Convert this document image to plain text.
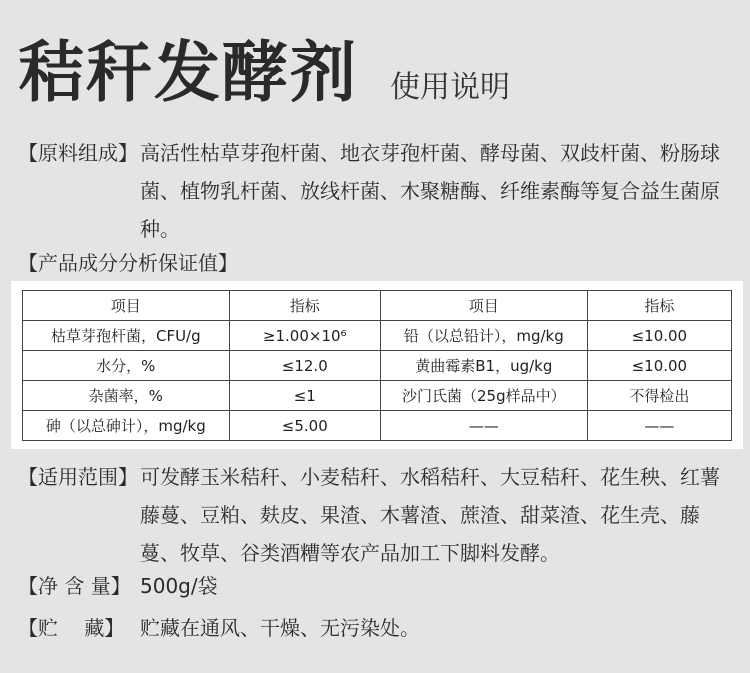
秸秆发酵剂 使用说明
【原料组成】 高活性枯草芽孢杆菌、地衣芽孢杆菌、酵母菌、双歧杆菌、粉肠球菌、植物乳杆菌、放线杆菌、木聚糖酶、纤维素酶等复合益生菌原种。
【产品成分分析保证值】
项目	指标	项目	指标
枯草芽孢杆菌，CFU/g	≥1.00×10⁶	铅（以总铅计），mg/kg	≤10.00
水分，%	≤12.0	黄曲霉素B1，ug/kg	≤10.00
杂菌率，%	≤1	沙门氏菌（25g样品中）	不得检出
砷（以总砷计），mg/kg	≤5.00	——	——
【适用范围】 可发酵玉米秸秆、小麦秸秆、水稻秸秆、大豆秸秆、花生秧、红薯藤蔓、豆粕、麸皮、果渣、木薯渣、蔗渣、甜菜渣、花生壳、藤蔓、牧草、谷类酒糟等农产品加工下脚料发酵。
【净 含 量】 500g/袋
【贮　 藏】 贮藏在通风、干燥、无污染处。
